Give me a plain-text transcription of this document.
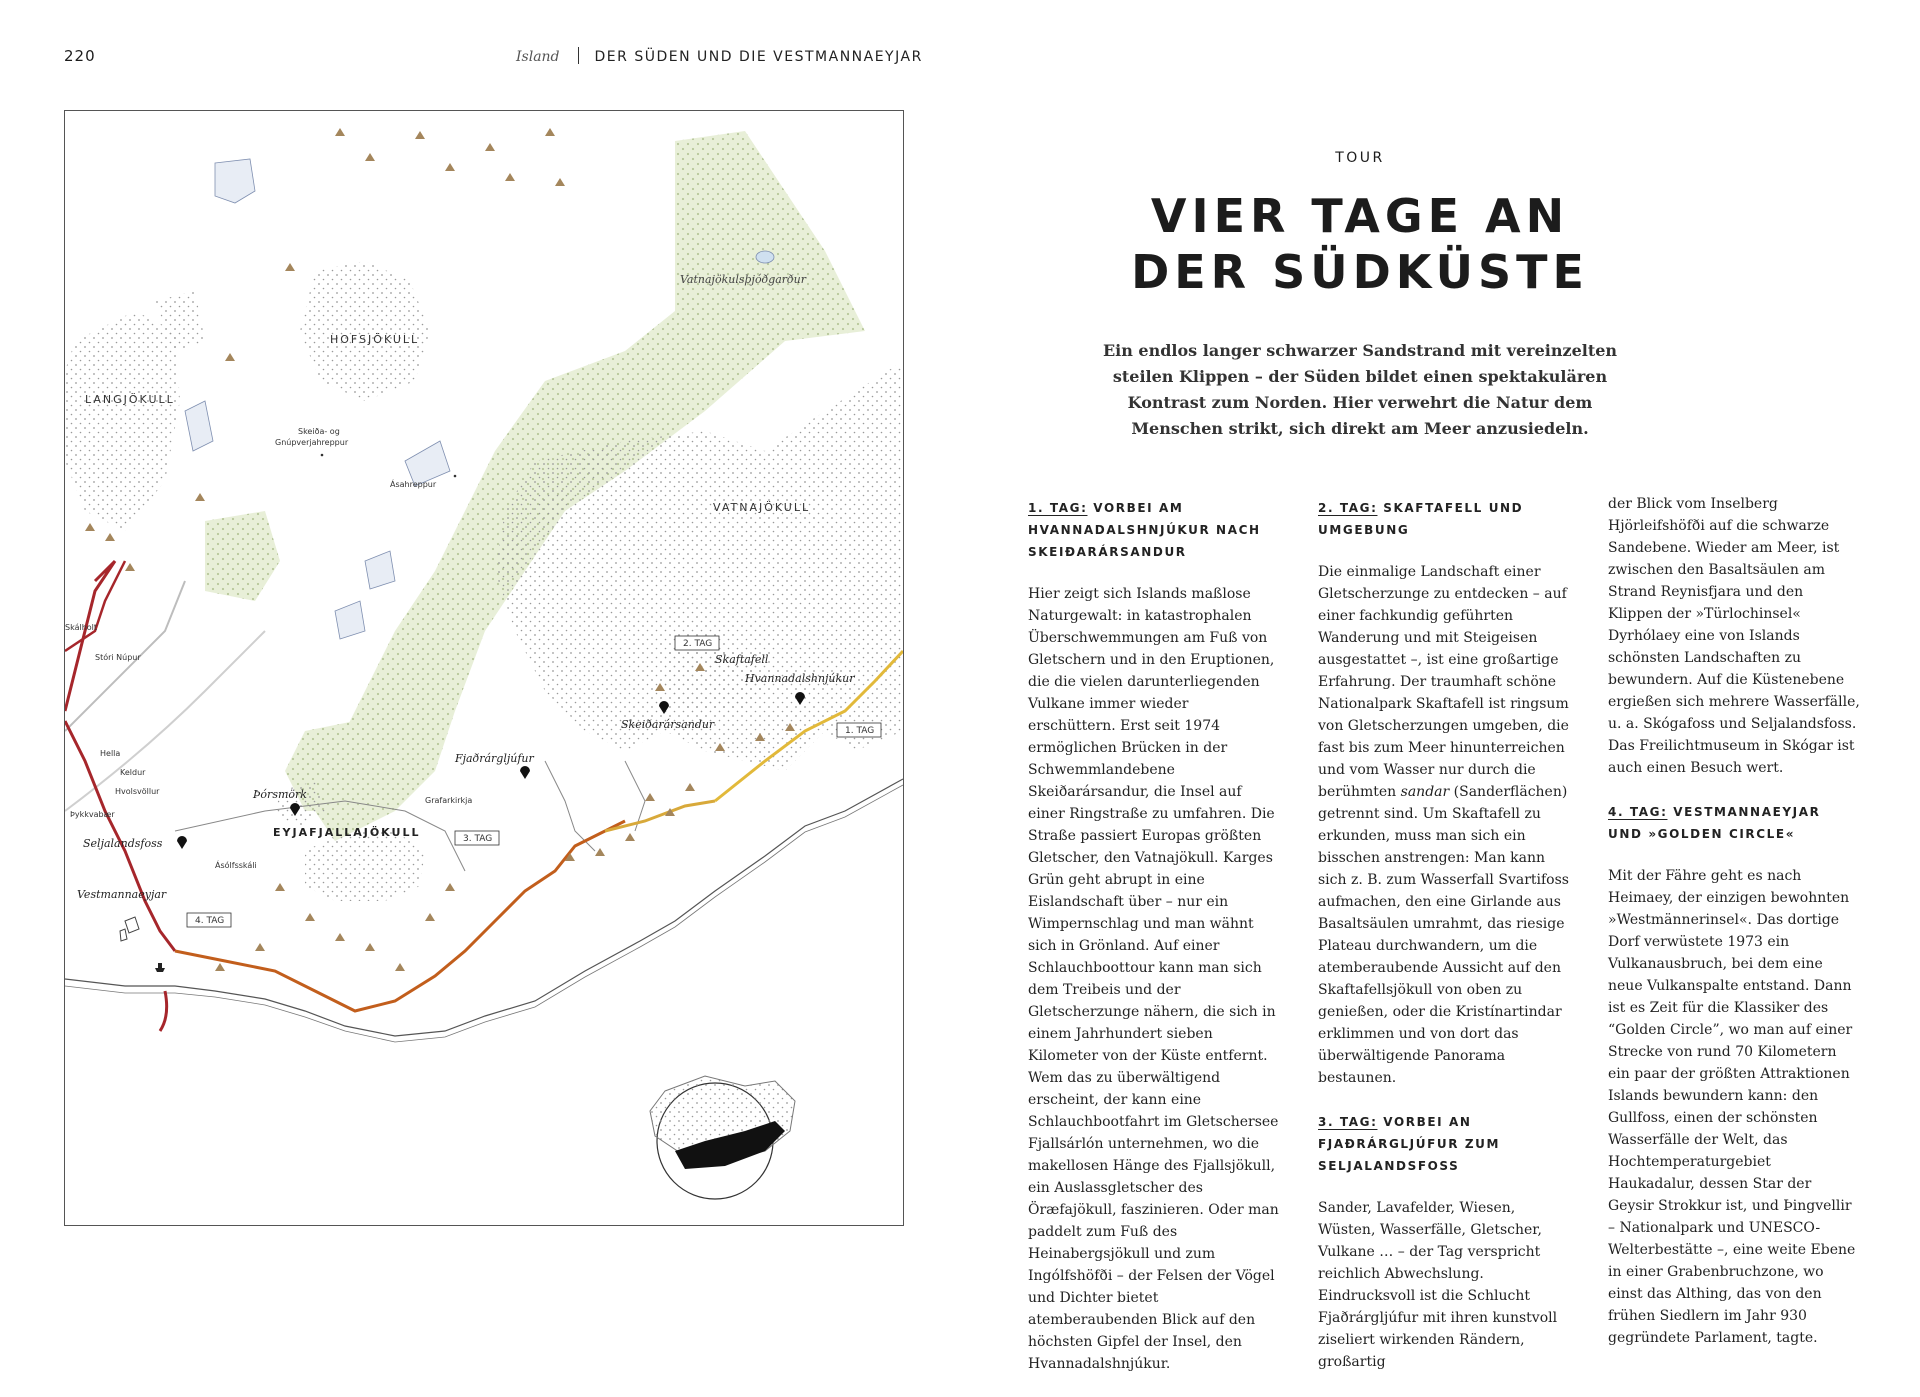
220	Island	DER SÜDEN UND DIE VESTMANNAEYJAR
HOFSJÖKULL
LANGJÖKULL
VATNAJÖKULL
EYJAFJALLAJÖKULL
Vatnajökulsþjóðgarður
Skeiða- og
Gnúpverjahreppur
Ásahreppur
Skálholt
Stóri Núpur
Hella
Keldur
Hvolsvöllur
Þykkvabær
Grafarkirkja
Ásólfsskáli
Þórsmörk
Seljalandsfoss
Vestmannaeyjar
Fjaðrárgljúfur
Skeiðarársandur
Skaftafell
Hvannadalshnjúkur
2. TAG
1. TAG
3. TAG
4. TAG
TOUR
VIER TAGE AN
DER SÜDKÜSTE

Ein endlos langer schwarzer Sandstrand mit vereinzelten steilen Klippen – der Süden bildet einen spektakulären Kontrast zum Norden. Hier verwehrt die Natur dem Menschen strikt, sich direkt am Meer anzusiedeln.

1. TAG: VORBEI AM HVANNADALSHNJÚKUR NACH SKEIÐARÁRSANDUR

Hier zeigt sich Islands maßlose Naturgewalt: in katastrophalen Überschwemmungen am Fuß von Gletschern und in den Eruptionen, die die vielen darunterliegenden Vulkane immer wieder erschüttern. Erst seit 1974 ermöglichen Brücken in der Schwemmlandebene Skeiðarársandur, die Insel auf einer Ringstraße zu umfahren. Die Straße passiert Europas größten Gletscher, den Vatnajökull. Karges Grün geht abrupt in eine Eislandschaft über – nur ein Wimpernschlag und man wähnt sich in Grönland. Auf einer Schlauchboottour kann man sich dem Treibeis und der Gletscherzunge nähern, die sich in einem Jahrhundert sieben Kilometer von der Küste entfernt. Wem das zu überwältigend erscheint, der kann eine Schlauchbootfahrt im Gletschersee Fjallsárlón unternehmen, wo die makellosen Hänge des Fjallsjökull, ein Auslassgletscher des Öræfajökull, faszinieren. Oder man paddelt zum Fuß des Heinabergsjökull und zum Ingólfshöfði – der Felsen der Vögel und Dichter bietet atemberaubenden Blick auf den höchsten Gipfel der Insel, den Hvannadalshnjúkur.

2. TAG: SKAFTAFELL UND UMGEBUNG

Die einmalige Landschaft einer Gletscherzunge zu entdecken – auf einer fachkundig geführten Wanderung und mit Steigeisen ausgestattet –, ist eine großartige Erfahrung. Der traumhaft schöne Nationalpark Skaftafell ist ringsum von Gletscherzungen umgeben, die fast bis zum Meer hinunterreichen und vom Wasser nur durch die berühmten sandar (Sanderflächen) getrennt sind. Um Skaftafell zu erkunden, muss man sich ein bisschen anstrengen: Man kann sich z. B. zum Wasserfall Svartifoss aufmachen, den eine Girlande aus Basaltsäulen umrahmt, das riesige Plateau durchwandern, um die atemberaubende Aussicht auf den Skaftafellsjökull von oben zu genießen, oder die Kristínartindar erklimmen und von dort das überwältigende Panorama bestaunen.

3. TAG: VORBEI AN FJAÐRÁRGLJÚFUR ZUM SELJALANDSFOSS

Sander, Lavafelder, Wiesen, Wüsten, Wasserfälle, Gletscher, Vulkane … – der Tag verspricht reichlich Abwechslung. Eindrucksvoll ist die Schlucht Fjaðrárgljúfur mit ihren kunstvoll ziseliert wirkenden Rändern, großartig

der Blick vom Inselberg Hjörleifshöfði auf die schwarze Sandebene. Wieder am Meer, ist zwischen den Basaltsäulen am Strand Reynisfjara und den Klippen der »Türlochinsel« Dyrhólaey eine von Islands schönsten Landschaften zu bewundern. Auf die Küstenebene ergießen sich mehrere Wasserfälle, u. a. Skógafoss und Seljalandsfoss. Das Freilichtmuseum in Skógar ist auch einen Besuch wert.

4. TAG: VESTMANNAEYJAR UND »GOLDEN CIRCLE«

Mit der Fähre geht es nach Heimaey, der einzigen bewohnten »Westmännerinsel«. Das dortige Dorf verwüstete 1973 ein Vulkanausbruch, bei dem eine neue Vulkanspalte entstand. Dann ist es Zeit für die Klassiker des “Golden Circle”, wo man auf einer Strecke von rund 70 Kilometern ein paar der größten Attraktionen Islands bewundern kann: den Gullfoss, einen der schönsten Wasserfälle der Welt, das Hochtemperaturgebiet Haukadalur, dessen Star der Geysir Strokkur ist, und Þingvellir – Nationalpark und UNESCO-Welterbestätte –, eine weite Ebene in einer Grabenbruchzone, wo einst das Althing, das von den frühen Siedlern im Jahr 930 gegründete Parlament, tagte.
